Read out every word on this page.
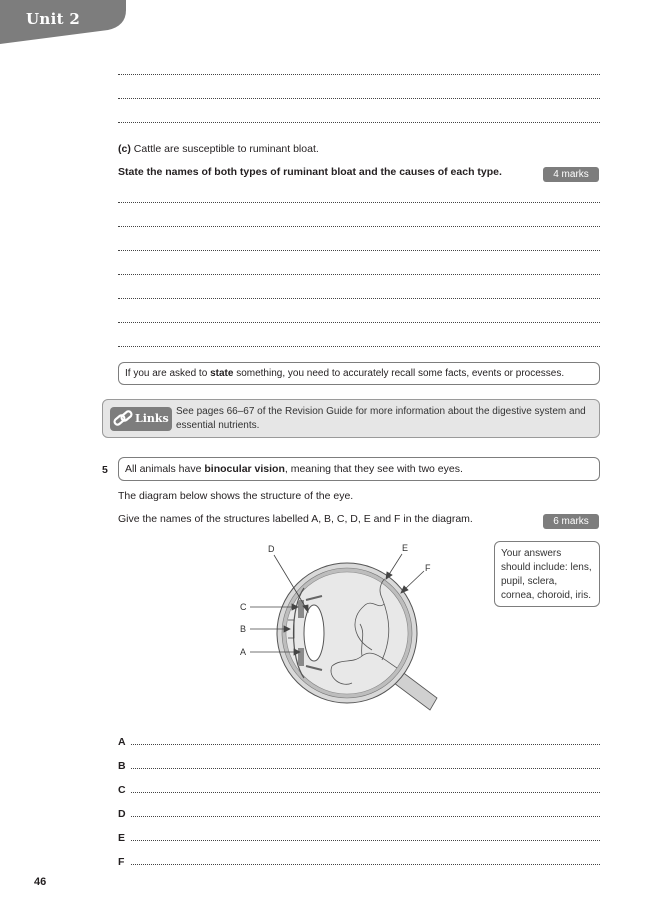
Unit 2
(c) Cattle are susceptible to ruminant bloat.
State the names of both types of ruminant bloat and the causes of each type.	4 marks
If you are asked to state something, you need to accurately recall some facts, events or processes.
Links
See pages 66–67 of the Revision Guide for more information about the digestive system and essential nutrients.
5 All animals have binocular vision, meaning that they see with two eyes.
The diagram below shows the structure of the eye.
Give the names of the structures labelled A, B, C, D, E and F in the diagram.	6 marks
Your answers should include: lens, pupil, sclera, cornea, choroid, iris.
C
B
A
D	E
F
A
B
C
D
E
F
46
